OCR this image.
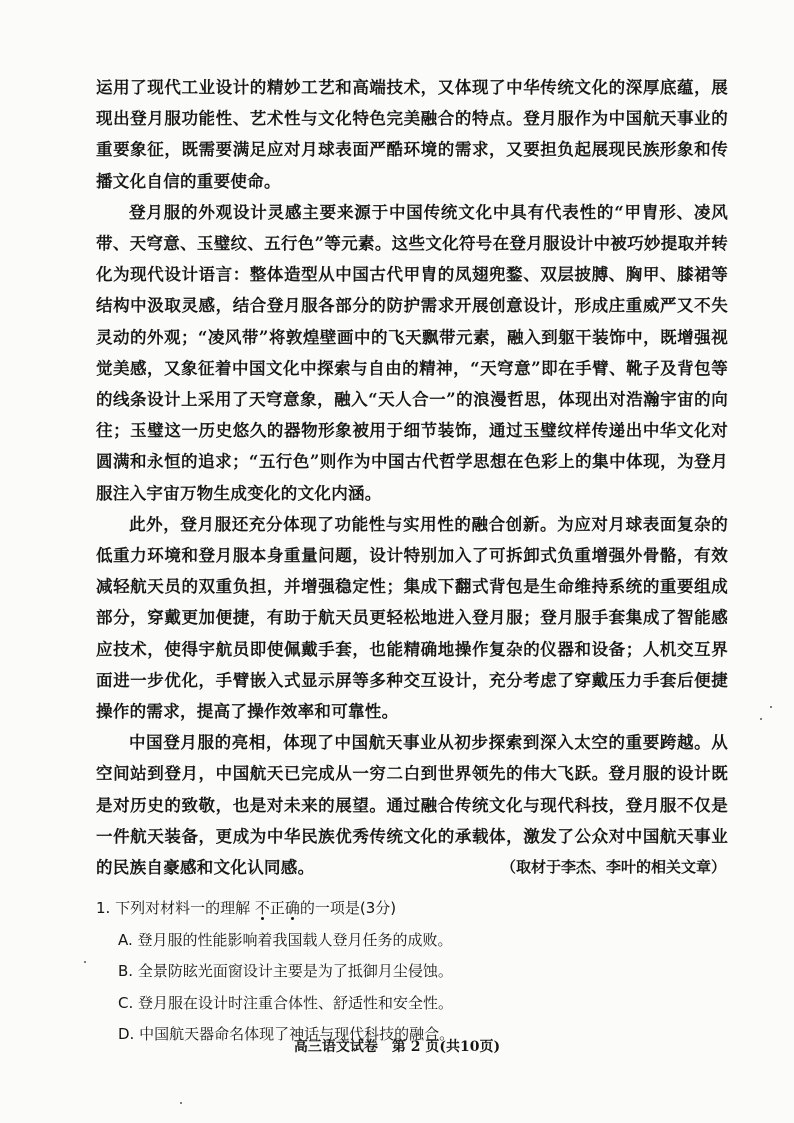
运用了现代工业设计的精妙工艺和高端技术，又体现了中华传统文化的深厚底蕴，展现出登月服功能性、艺术性与文化特色完美融合的特点。登月服作为中国航天事业的重要象征，既需要满足应对月球表面严酷环境的需求，又要担负起展现民族形象和传播文化自信的重要使命。

登月服的外观设计灵感主要来源于中国传统文化中具有代表性的“甲胄形、凌风带、天穹意、玉璧纹、五行色”等元素。这些文化符号在登月服设计中被巧妙提取并转化为现代设计语言：整体造型从中国古代甲胄的凤翅兜鍪、双层披膊、胸甲、膝裙等结构中汲取灵感，结合登月服各部分的防护需求开展创意设计，形成庄重威严又不失灵动的外观；“凌风带”将敦煌壁画中的飞天飘带元素，融入到躯干装饰中，既增强视觉美感，又象征着中国文化中探索与自由的精神，“天穹意”即在手臂、靴子及背包等的线条设计上采用了天穹意象，融入“天人合一”的浪漫哲思，体现出对浩瀚宇宙的向往；玉璧这一历史悠久的器物形象被用于细节装饰，通过玉璧纹样传递出中华文化对圆满和永恒的追求；“五行色”则作为中国古代哲学思想在色彩上的集中体现，为登月服注入宇宙万物生成变化的文化内涵。

此外，登月服还充分体现了功能性与实用性的融合创新。为应对月球表面复杂的低重力环境和登月服本身重量问题，设计特别加入了可拆卸式负重增强外骨骼，有效减轻航天员的双重负担，并增强稳定性；集成下翻式背包是生命维持系统的重要组成部分，穿戴更加便捷，有助于航天员更轻松地进入登月服；登月服手套集成了智能感应技术，使得宇航员即使佩戴手套，也能精确地操作复杂的仪器和设备；人机交互界面进一步优化，手臂嵌入式显示屏等多种交互设计，充分考虑了穿戴压力手套后便捷操作的需求，提高了操作效率和可靠性。

中国登月服的亮相，体现了中国航天事业从初步探索到深入太空的重要跨越。从空间站到登月，中国航天已完成从一穷二白到世界领先的伟大飞跃。登月服的设计既是对历史的致敬，也是对未来的展望。通过融合传统文化与现代科技，登月服不仅是一件航天装备，更成为中华民族优秀传统文化的承载体，激发了公众对中国航天事业的民族自豪感和文化认同感。	（取材于李杰、李叶的相关文章）

1. 下列对材料一的理解 不正确的一项是(3分)

A. 登月服的性能影响着我国载人登月任务的成败。

B. 全景防眩光面窗设计主要是为了抵御月尘侵蚀。

C. 登月服在设计时注重合体性、舒适性和安全性。

D. 中国航天器命名体现了神话与现代科技的融合。

高三语文试卷　第 2 页(共10页)
